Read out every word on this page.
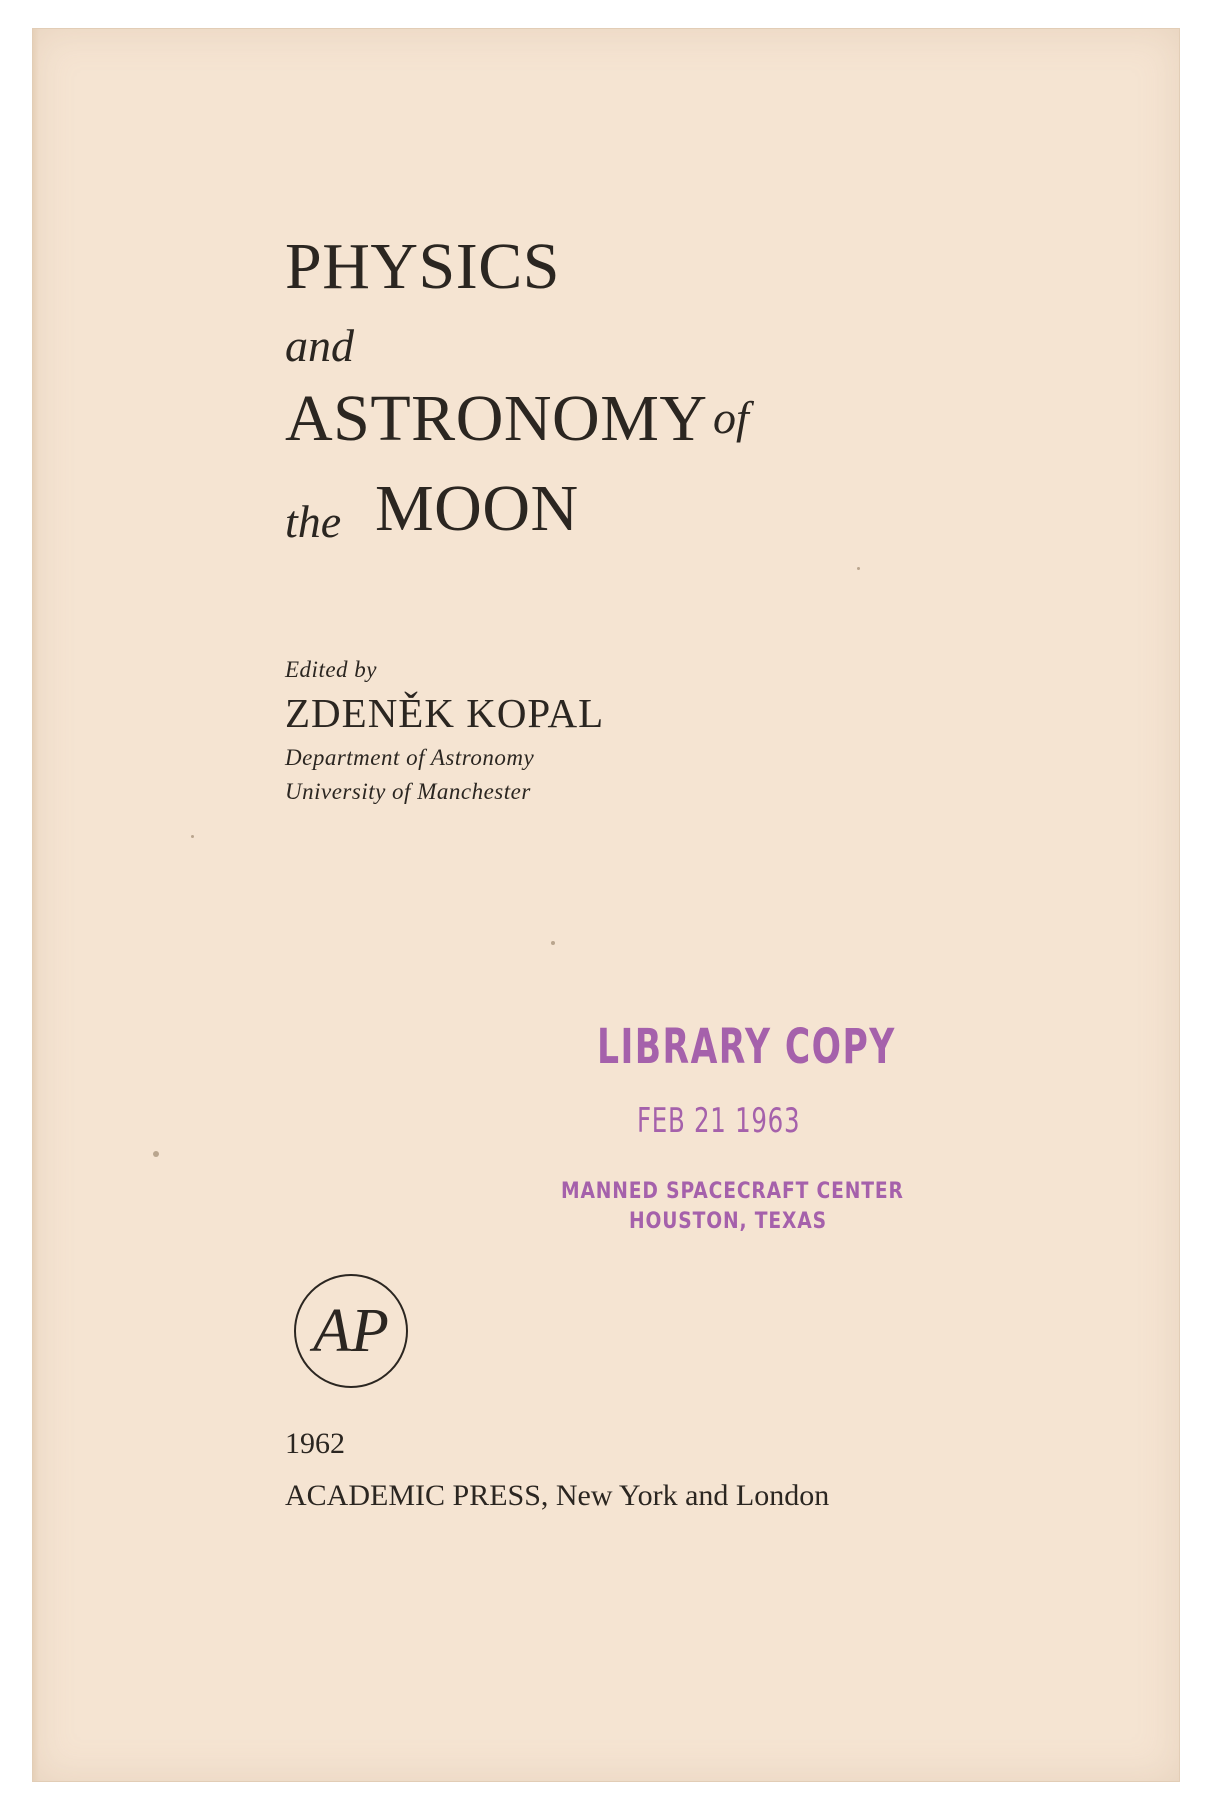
PHYSICS
and
ASTRONOMY of
the MOON
Edited by
ZDENĚK KOPAL
Department of Astronomy
University of Manchester
LIBRARY COPY
FEB 21 1963
MANNED SPACECRAFT CENTER
HOUSTON, TEXAS
AP
1962
ACADEMIC PRESS, New York and London
